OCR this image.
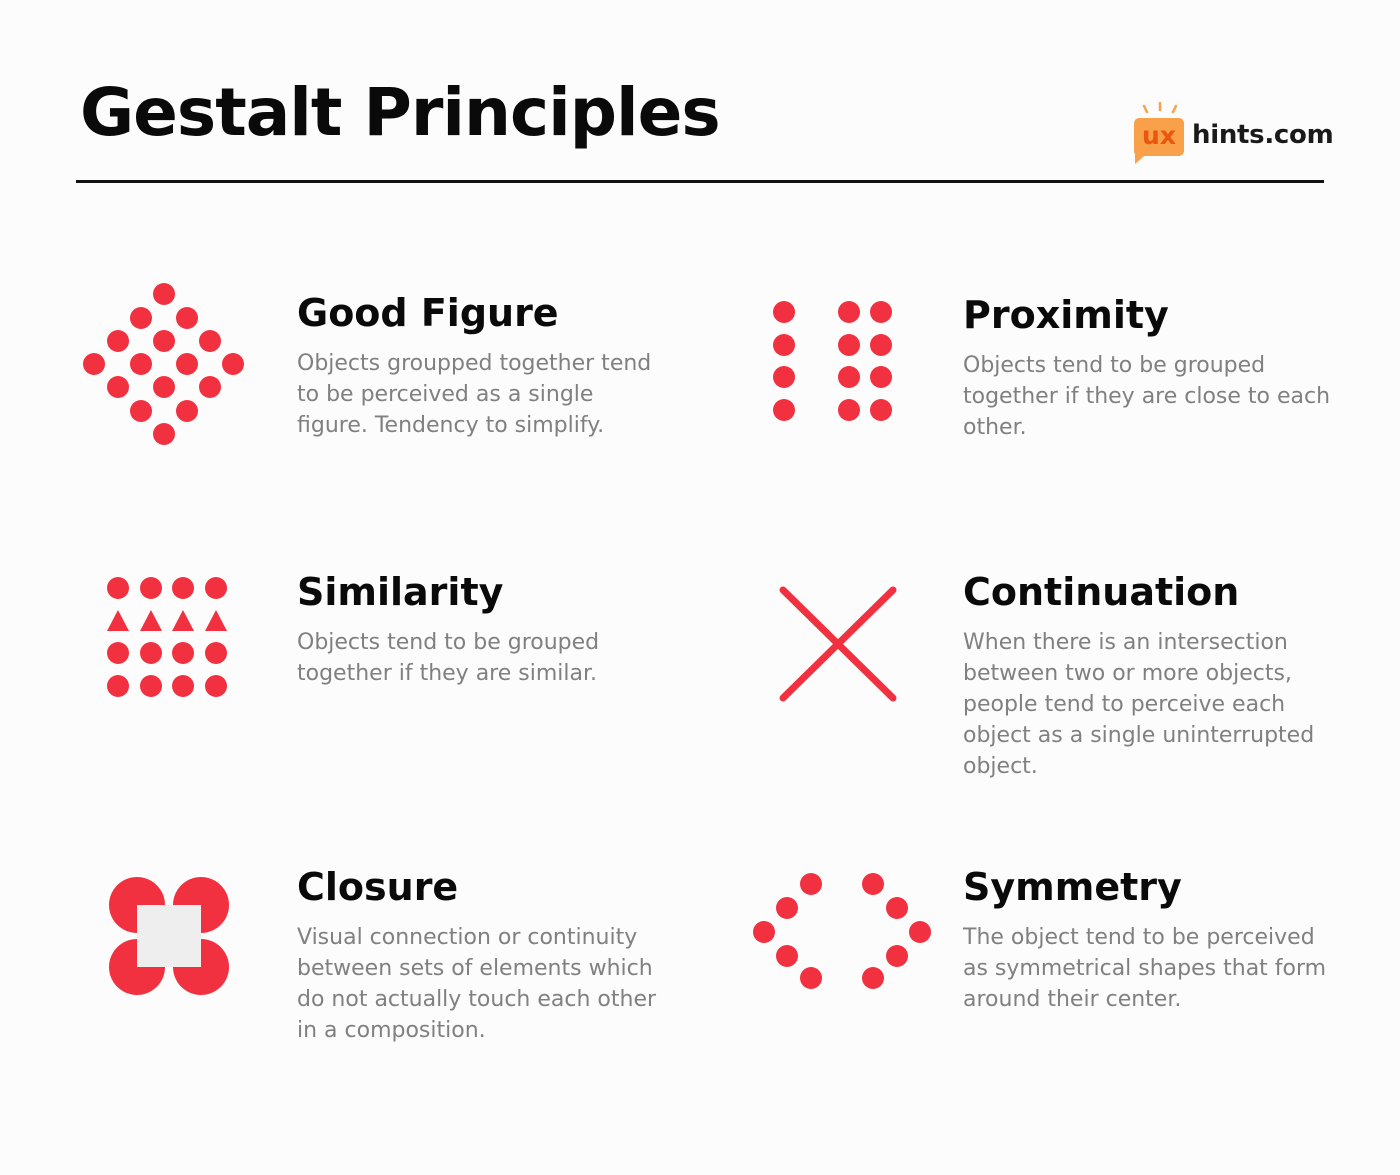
Gestalt Principles	ux hints.com
Good Figure

Objects groupped together tend to be perceived as a single figure. Tendency to simplify.

Proximity

Objects tend to be grouped together if they are close to each other.

Similarity

Objects tend to be grouped together if they are similar.

Continuation

When there is an intersection between two or more objects, people tend to perceive each object as a single uninterrupted object.

Closure

Visual connection or continuity between sets of elements which do not actually touch each other in a composition.

Symmetry

The object tend to be perceived as symmetrical shapes that form around their center.
